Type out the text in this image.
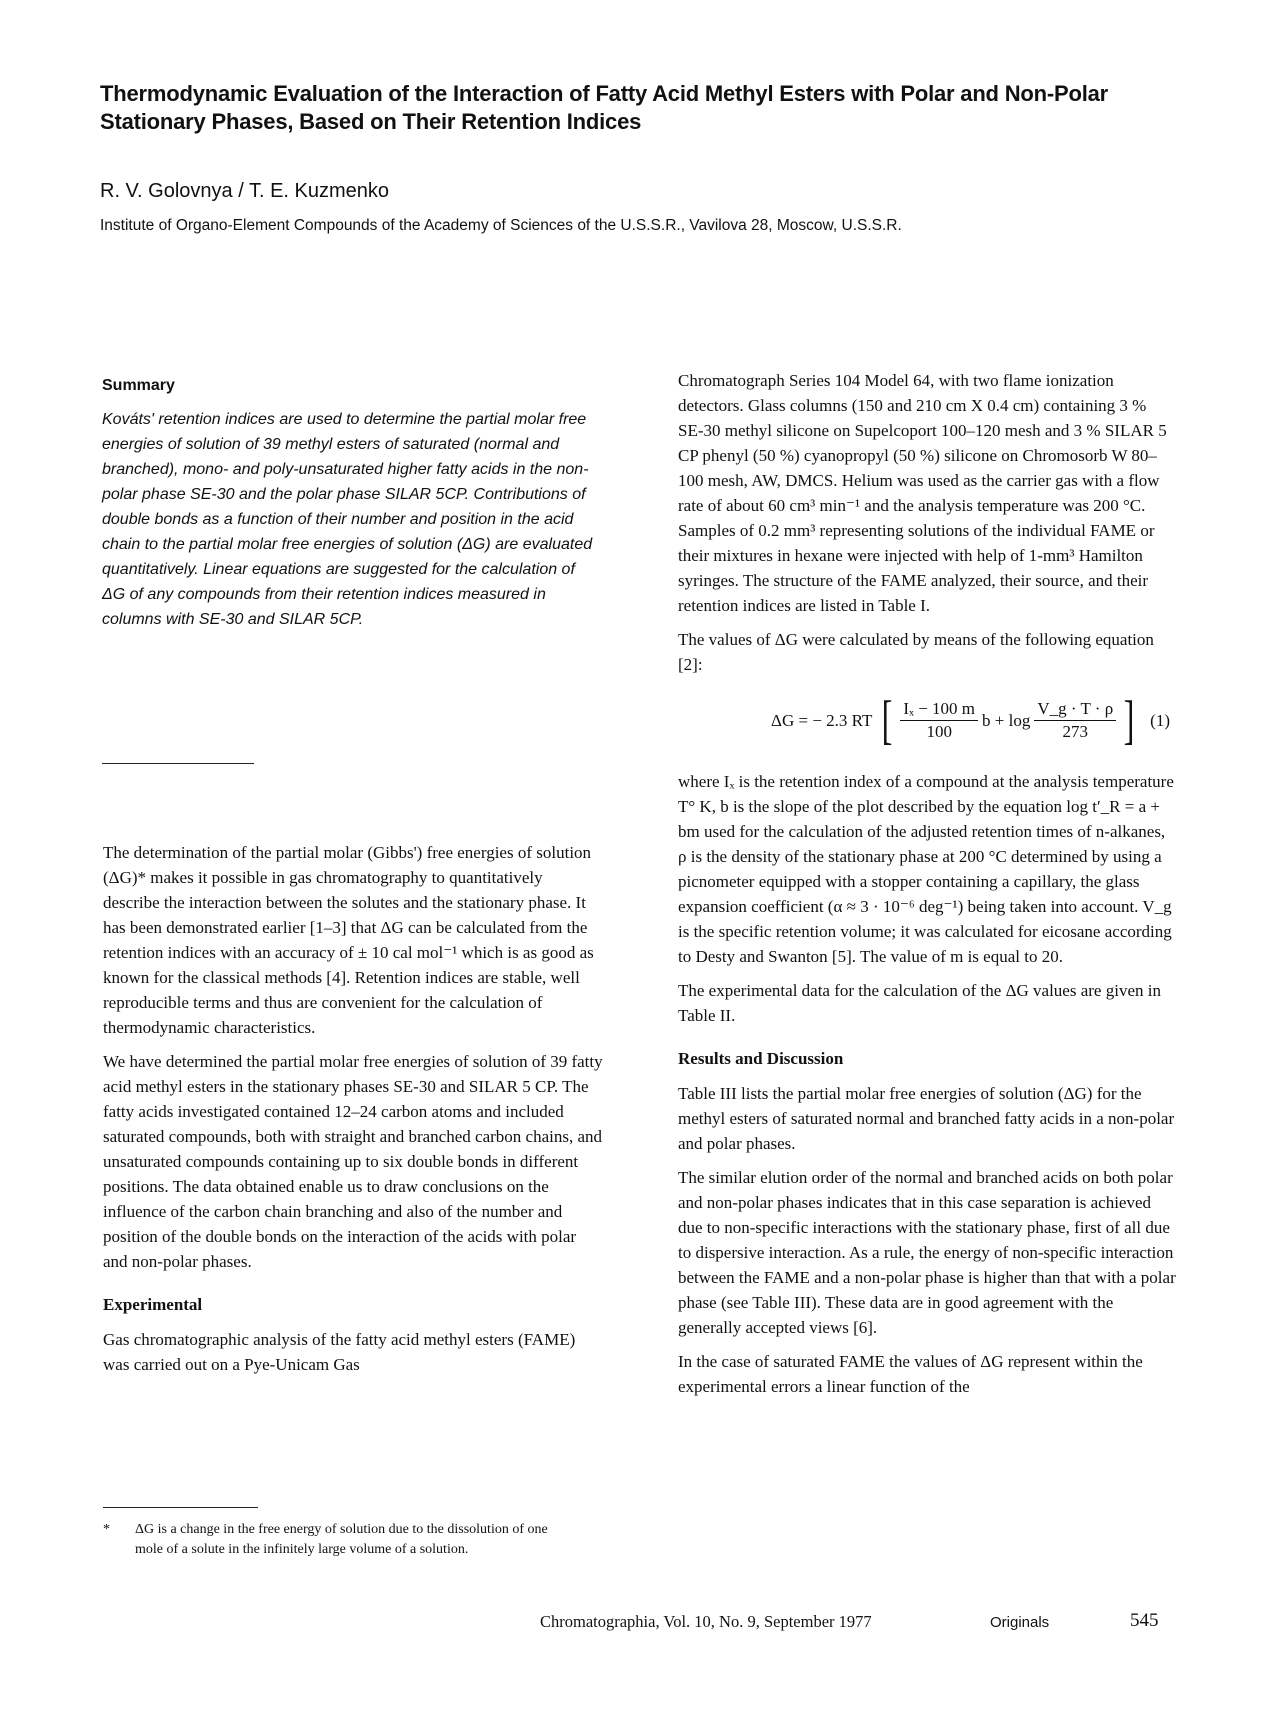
Thermodynamic Evaluation of the Interaction of Fatty Acid Methyl Esters with Polar and Non-Polar Stationary Phases, Based on Their Retention Indices
R. V. Golovnya / T. E. Kuzmenko
Institute of Organo-Element Compounds of the Academy of Sciences of the U.S.S.R., Vavilova 28, Moscow, U.S.S.R.
Summary

Kováts' retention indices are used to determine the partial molar free energies of solution of 39 methyl esters of saturated (normal and branched), mono- and poly-unsaturated higher fatty acids in the non-polar phase SE-30 and the polar phase SILAR 5CP. Contributions of double bonds as a function of their number and position in the acid chain to the partial molar free energies of solution (ΔG) are evaluated quantitatively. Linear equations are suggested for the calculation of ΔG of any compounds from their retention indices measured in columns with SE-30 and SILAR 5CP.

The determination of the partial molar (Gibbs') free energies of solution (ΔG)* makes it possible in gas chromatography to quantitatively describe the interaction between the solutes and the stationary phase. It has been demonstrated earlier [1–3] that ΔG can be calculated from the retention indices with an accuracy of ± 10 cal mol⁻¹ which is as good as known for the classical methods [4]. Retention indices are stable, well reproducible terms and thus are convenient for the calculation of thermodynamic characteristics.

We have determined the partial molar free energies of solution of 39 fatty acid methyl esters in the stationary phases SE-30 and SILAR 5 CP. The fatty acids investigated contained 12–24 carbon atoms and included saturated compounds, both with straight and branched carbon chains, and unsaturated compounds containing up to six double bonds in different positions. The data obtained enable us to draw conclusions on the influence of the carbon chain branching and also of the number and position of the double bonds on the interaction of the acids with polar and non-polar phases.

Experimental

Gas chromatographic analysis of the fatty acid methyl esters (FAME) was carried out on a Pye-Unicam Gas

Chromatograph Series 104 Model 64, with two flame ionization detectors. Glass columns (150 and 210 cm X 0.4 cm) containing 3 % SE-30 methyl silicone on Supelcoport 100–120 mesh and 3 % SILAR 5 CP phenyl (50 %) cyanopropyl (50 %) silicone on Chromosorb W 80–100 mesh, AW, DMCS. Helium was used as the carrier gas with a flow rate of about 60 cm³ min⁻¹ and the analysis temperature was 200 °C. Samples of 0.2 mm³ representing solutions of the individual FAME or their mixtures in hexane were injected with help of 1-mm³ Hamilton syringes. The structure of the FAME analyzed, their source, and their retention indices are listed in Table I.

The values of ΔG were calculated by means of the following equation [2]:

ΔG = − 2.3 RT [ $\frac{\text{Iₓ − 100 m}}{100}$ $b + \log \frac{V\_g \cdot T \cdot \rho}{273}$ ] (1)

where Iₓ is the retention index of a compound at the analysis temperature T° K, b is the slope of the plot described by the equation log t′_R = a + bm used for the calculation of the adjusted retention times of n-alkanes, ρ is the density of the stationary phase at 200 °C determined by using a picnometer equipped with a stopper containing a capillary, the glass expansion coefficient (α ≈ 3 · 10⁻⁶ deg⁻¹) being taken into account. V_g is the specific retention volume; it was calculated for eicosane according to Desty and Swanton [5]. The value of m is equal to 20.

The experimental data for the calculation of the ΔG values are given in Table II.

Results and Discussion

Table III lists the partial molar free energies of solution (ΔG) for the methyl esters of saturated normal and branched fatty acids in a non-polar and polar phases.

The similar elution order of the normal and branched acids on both polar and non-polar phases indicates that in this case separation is achieved due to non-specific interactions with the stationary phase, first of all due to dispersive interaction. As a rule, the energy of non-specific interaction between the FAME and a non-polar phase is higher than that with a polar phase (see Table III). These data are in good agreement with the generally accepted views [6].

In the case of saturated FAME the values of ΔG represent within the experimental errors a linear function of the

* ΔG is a change in the free energy of solution due to the dissolution of one mole of a solute in the infinitely large volume of a solution.
Chromatographia, Vol. 10, No. 9, September 1977	Originals	545
